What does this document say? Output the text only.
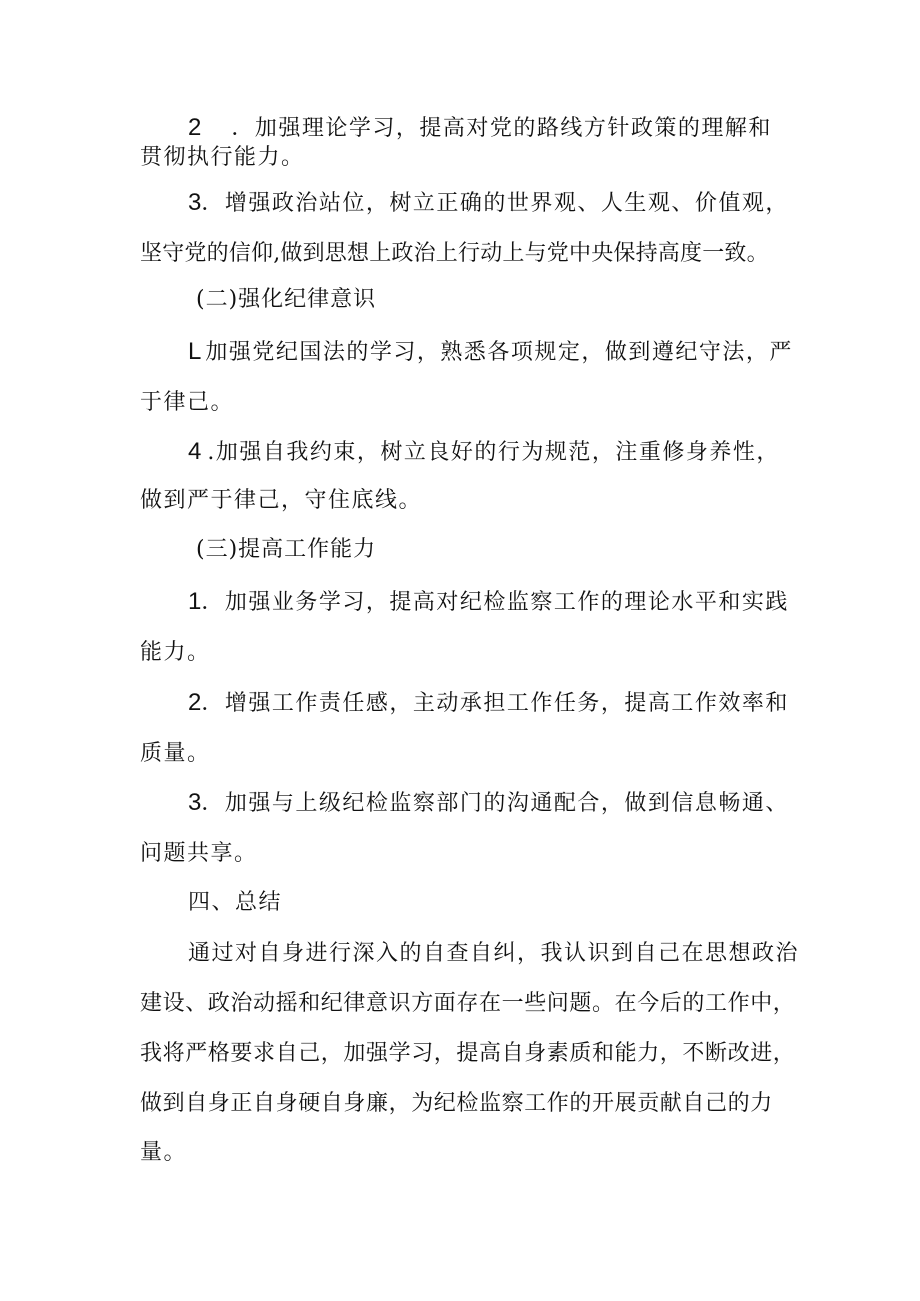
2 ．加强理论学习，提高对党的路线方针政策的理解和
贯彻执行能力。
3．增强政治站位，树立正确的世界观、人生观、价值观，
坚守党的信仰,做到思想上政治上行动上与党中央保持高度一致。
(二)强化纪律意识
L 加强党纪国法的学习，熟悉各项规定，做到遵纪守法，严
于律己。
4 .加强自我约束，树立良好的行为规范，注重修身养性，
做到严于律己，守住底线。
(三)提高工作能力
1．加强业务学习，提高对纪检监察工作的理论水平和实践
能力。
2．增强工作责任感，主动承担工作任务，提高工作效率和
质量。
3．加强与上级纪检监察部门的沟通配合，做到信息畅通、
问题共享。
四、总结
通过对自身进行深入的自查自纠，我认识到自己在思想政治
建设、政治动摇和纪律意识方面存在一些问题。在今后的工作中，
我将严格要求自己，加强学习，提高自身素质和能力，不断改进，
做到自身正自身硬自身廉，为纪检监察工作的开展贡献自己的力
量。
